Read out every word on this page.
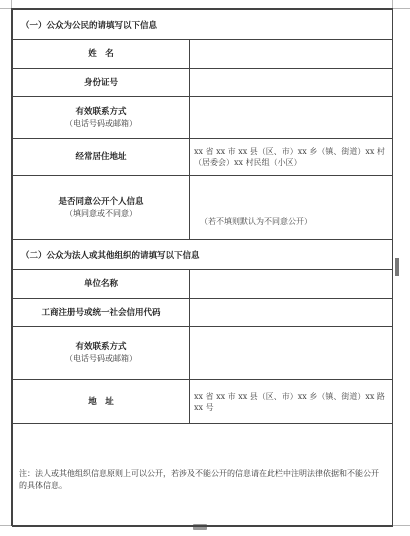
（一）公众为公民的请填写以下信息	

姓　名	

身份证号	

有效联系方式
（电话号码或邮箱）	

经常居住地址	xx 省 xx 市 xx 县（区、市）xx 乡（镇、街道）xx 村（居委会）xx 村民组（小区）

是否同意公开个人信息
（填同意或不同意）	（若不填则默认为不同意公开）
（二）公众为法人或其他组织的请填写以下信息	

单位名称	

工商注册号或统一社会信用代码	

有效联系方式
（电话号码或邮箱）	

地　址	xx 省 xx 市 xx 县（区、市）xx 乡（镇、街道）xx 路 xx 号
注：法人或其他组织信息原则上可以公开，若涉及不能公开的信息请在此栏中注明法律依据和不能公开的具体信息。	
